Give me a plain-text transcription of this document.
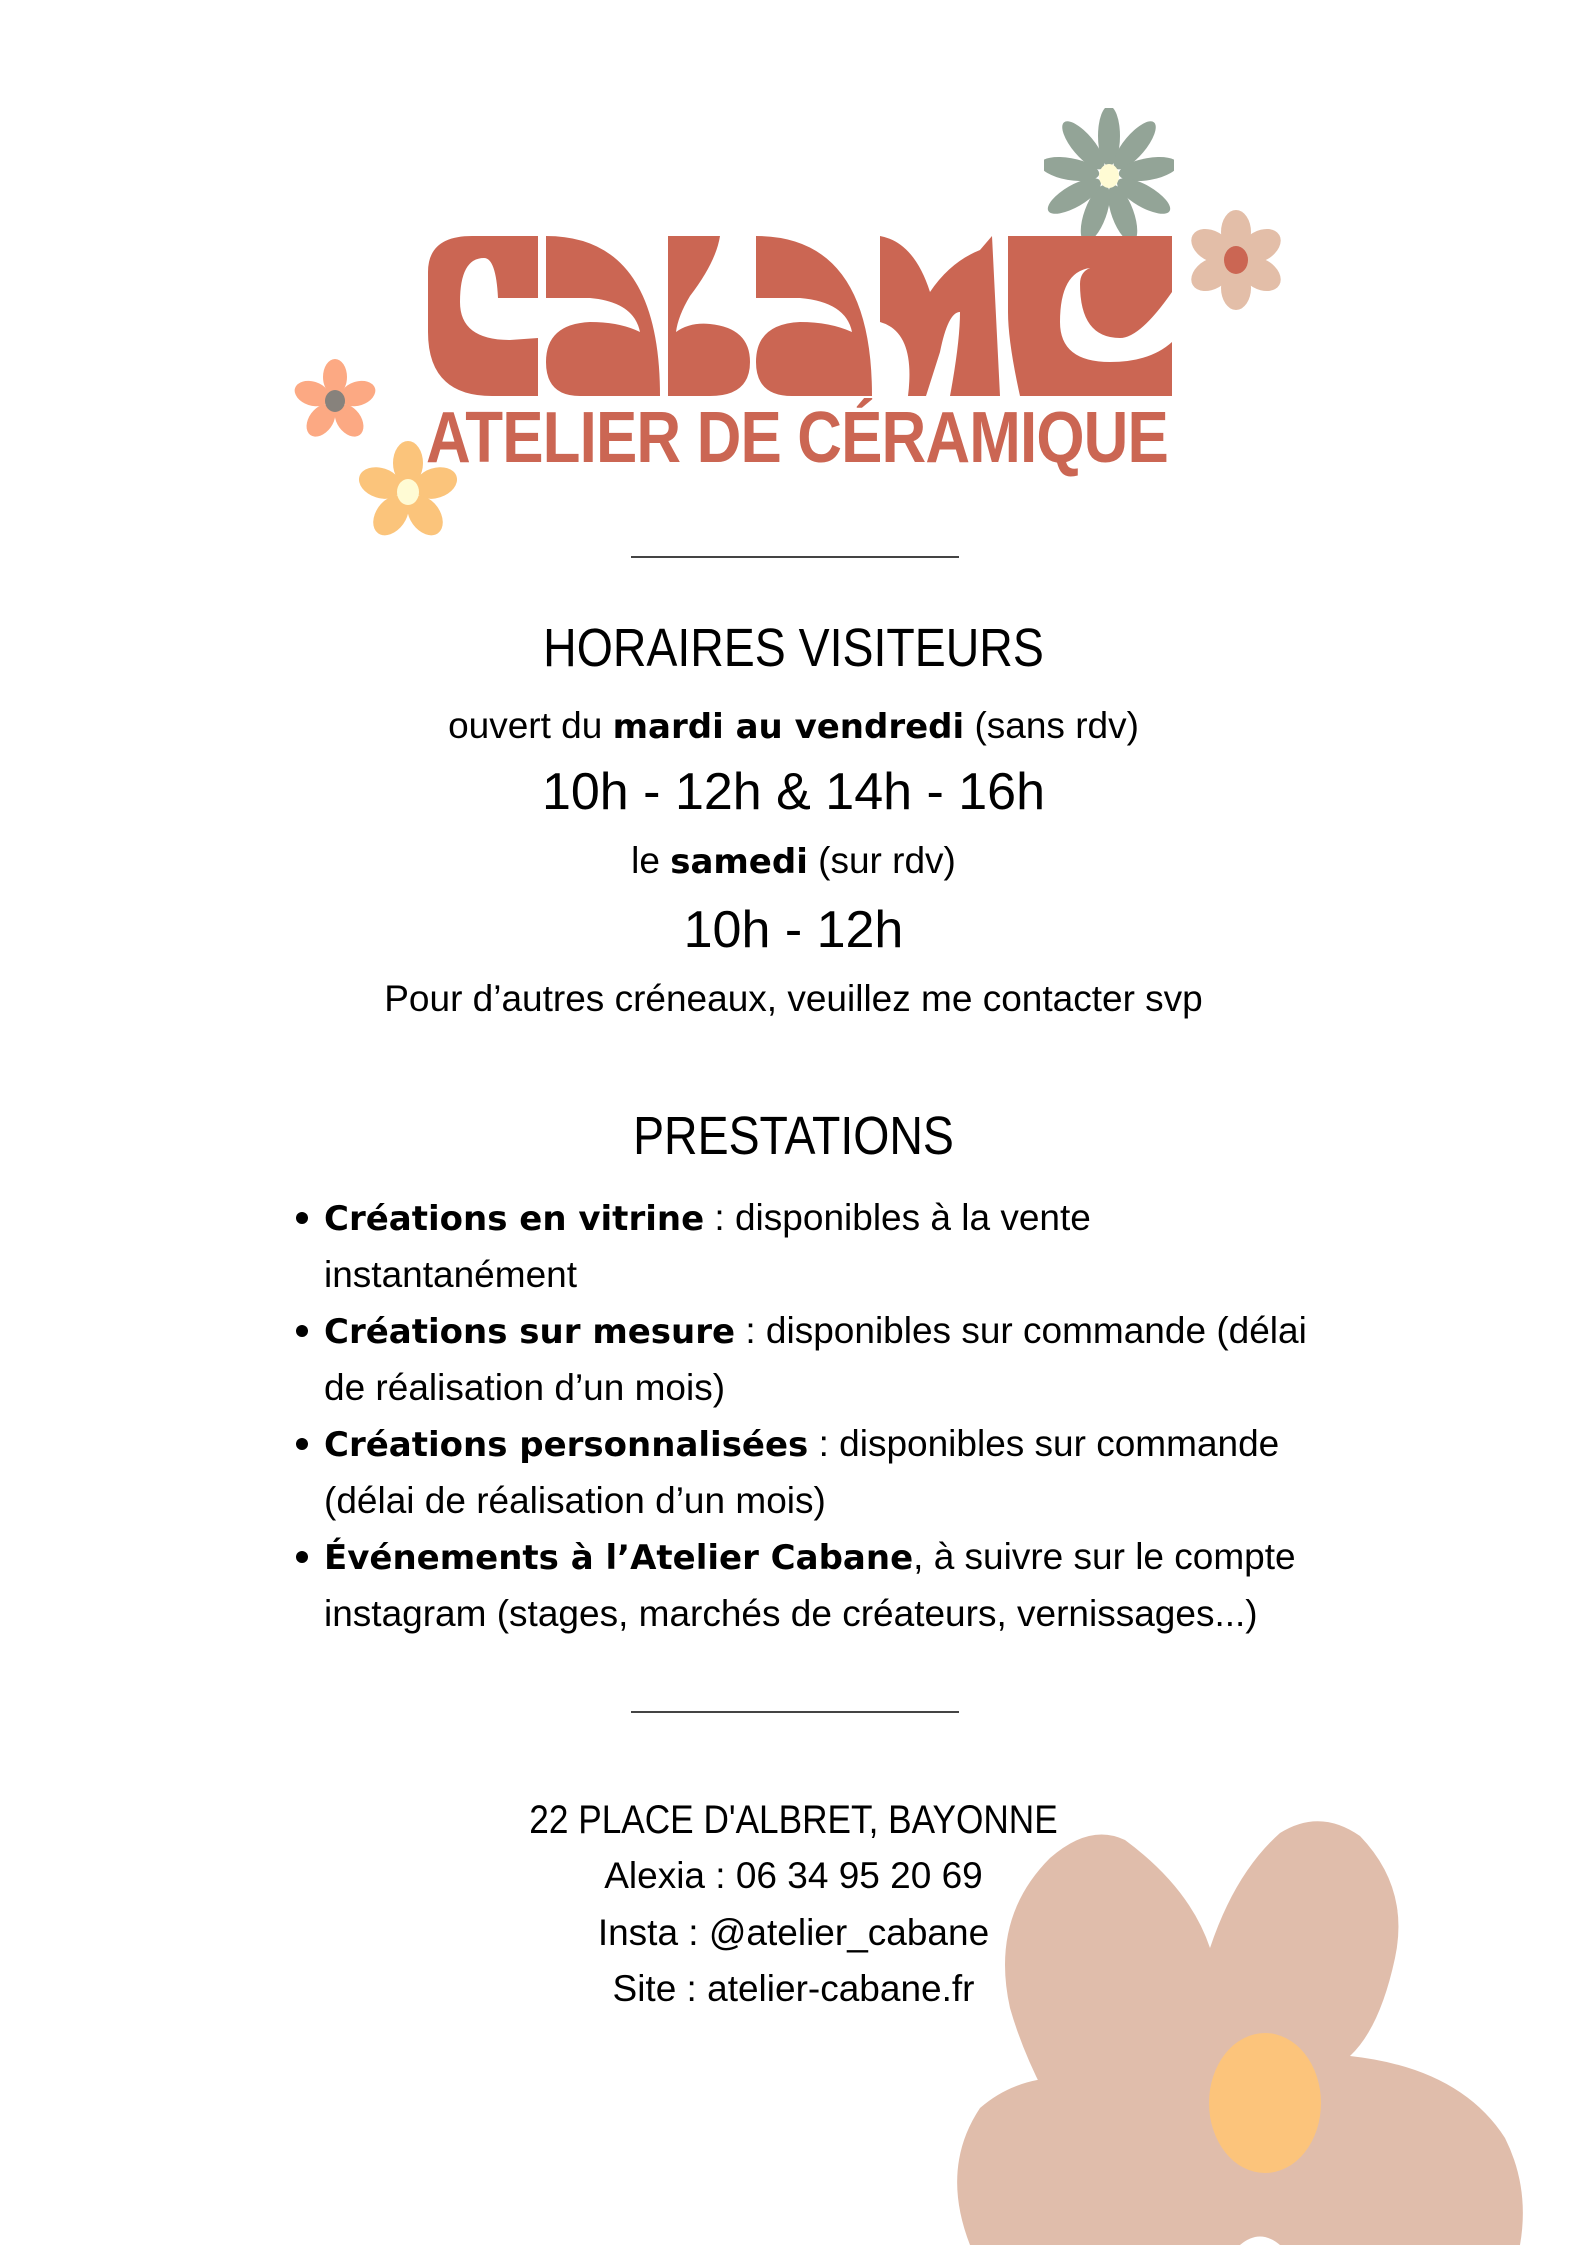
ATELIER DE CÉRAMIQUE
HORAIRES VISITEURS
ouvert du mardi au vendredi (sans rdv)
10h - 12h & 14h - 16h
le samedi (sur rdv)
10h - 12h
Pour d’autres créneaux, veuillez me contacter svp
PRESTATIONS
Créations en vitrine : disponibles à la vente
instantanément
Créations sur mesure : disponibles sur commande (délai
de réalisation d’un mois)
Créations personnalisées : disponibles sur commande
(délai de réalisation d’un mois)
Événements à l’Atelier Cabane, à suivre sur le compte
instagram (stages, marchés de créateurs, vernissages...)
22 PLACE D'ALBRET, BAYONNE
Alexia : 06 34 95 20 69
Insta : @atelier_cabane
Site : atelier-cabane.fr
